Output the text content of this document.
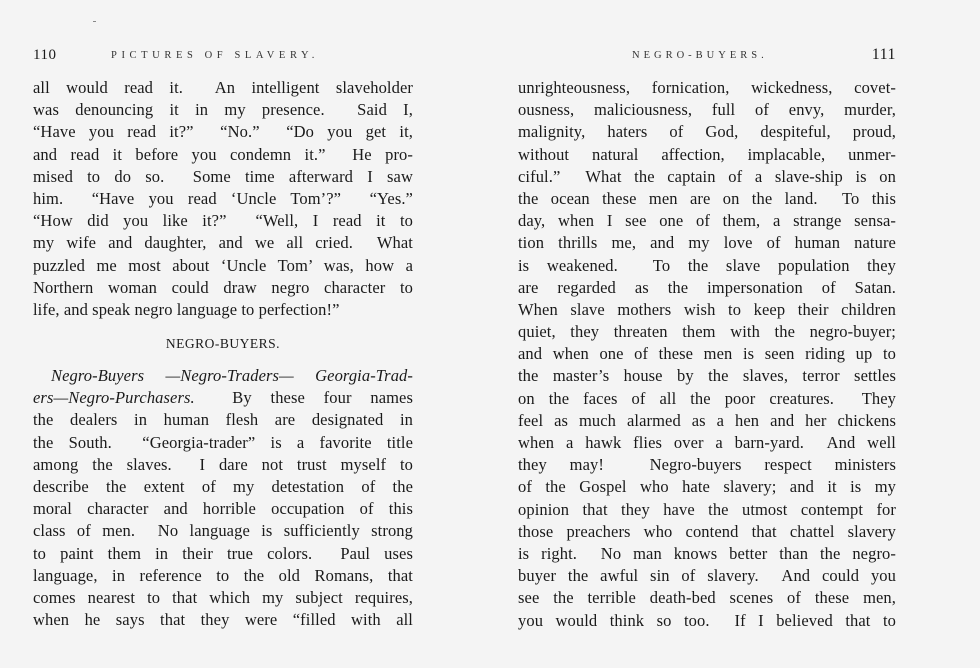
110	PICTURES OF SLAVERY.
all would read it.  An intelligent slaveholder
was denouncing it in my presence.  Said I,
“Have you read it?”  “No.”  “Do you get it,
and read it before you condemn it.”  He pro-
mised to do so.  Some time afterward I saw
him.  “Have you read ‘Uncle Tom’?”  “Yes.”
“How did you like it?”  “Well, I read it to
my wife and daughter, and we all cried.  What
puzzled me most about ‘Uncle Tom’ was, how a
Northern woman could draw negro character to
life, and speak negro language to perfection!”
NEGRO-BUYERS.
Negro-Buyers —Negro-Traders— Georgia-Trad-
ers—Negro-Purchasers.  By these four names
the dealers in human flesh are designated in
the South.  “Georgia-trader” is a favorite title
among the slaves.  I dare not trust myself to
describe the extent of my detestation of the
moral character and horrible occupation of this
class of men.  No language is sufficiently strong
to paint them in their true colors.  Paul uses
language, in reference to the old Romans, that
comes nearest to that which my subject requires,
when he says that they were “filled with all
NEGRO-BUYERS.	111
unrighteousness, fornication, wickedness, covet-
ousness, maliciousness, full of envy, murder,
malignity, haters of God, despiteful, proud,
without natural affection, implacable, unmer-
ciful.”  What the captain of a slave-ship is on
the ocean these men are on the land.  To this
day, when I see one of them, a strange sensa-
tion thrills me, and my love of human nature
is weakened.  To the slave population they
are regarded as the impersonation of Satan.
When slave mothers wish to keep their children
quiet, they threaten them with the negro-buyer;
and when one of these men is seen riding up to
the master’s house by the slaves, terror settles
on the faces of all the poor creatures.  They
feel as much alarmed as a hen and her chickens
when a hawk flies over a barn-yard.  And well
they may!  Negro-buyers respect ministers
of the Gospel who hate slavery; and it is my
opinion that they have the utmost contempt for
those preachers who contend that chattel slavery
is right.  No man knows better than the negro-
buyer the awful sin of slavery.  And could you
see the terrible death-bed scenes of these men,
you would think so too.  If I believed that to
